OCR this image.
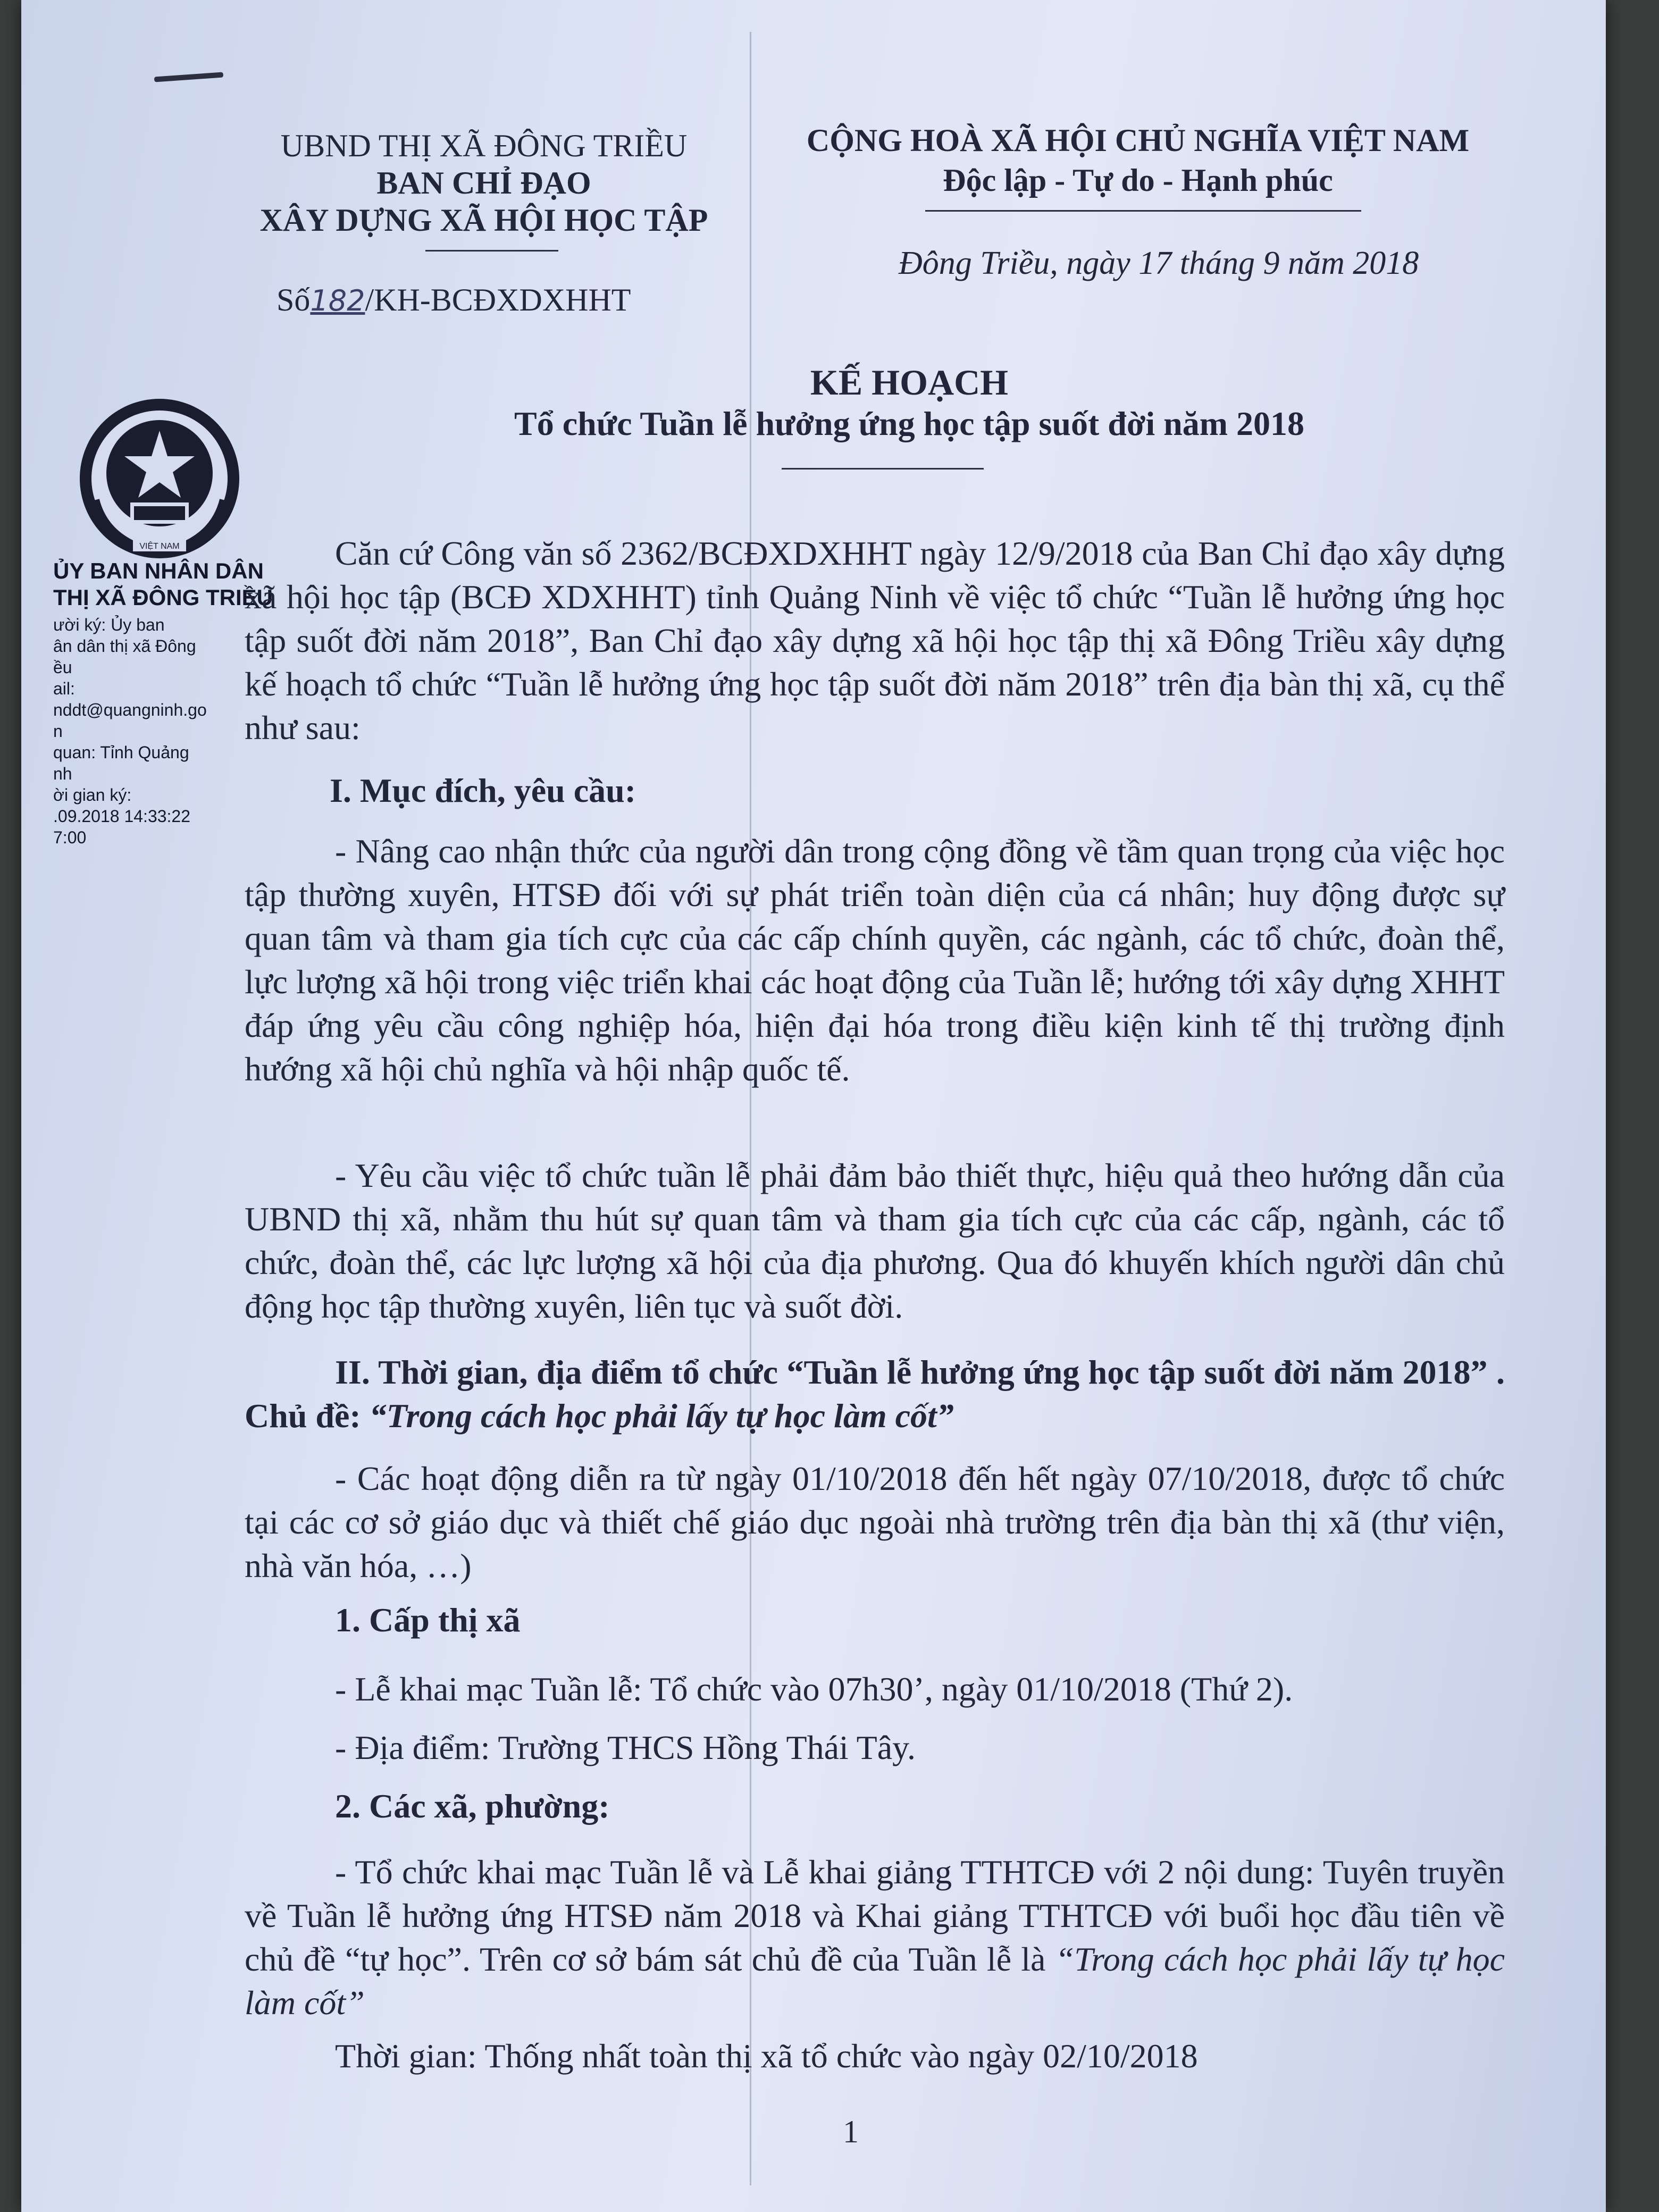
UBND THỊ XÃ ĐÔNG TRIỀU
BAN CHỈ ĐẠO
XÂY DỰNG XÃ HỘI HỌC TẬP
Số182/KH-BCĐXDXHHT
CỘNG HOÀ XÃ HỘI CHỦ NGHĨA VIỆT NAM
Độc lập - Tự do - Hạnh phúc
Đông Triều, ngày 17 tháng 9 năm 2018
VIỆT NAM
ỦY BAN NHÂN DÂN
THỊ XÃ ĐÔNG TRIỀU
ười ký: Ủy ban
ân dân thị xã Đông
ều
ail:
nddt@quangninh.go
n
quan: Tỉnh Quảng
nh
ời gian ký:
.09.2018 14:33:22
7:00
KẾ HOẠCH
Tổ chức Tuần lễ hưởng ứng học tập suốt đời năm 2018
Căn cứ Công văn số 2362/BCĐXDXHHT ngày 12/9/2018 của Ban Chỉ đạo xây dựng xã hội học tập (BCĐ XDXHHT) tỉnh Quảng Ninh về việc tổ chức “Tuần lễ hưởng ứng học tập suốt đời năm 2018”, Ban Chỉ đạo xây dựng xã hội học tập thị xã Đông Triều xây dựng kế hoạch tổ chức “Tuần lễ hưởng ứng học tập suốt đời năm 2018” trên địa bàn thị xã, cụ thể như sau:
I. Mục đích, yêu cầu:
- Nâng cao nhận thức của người dân trong cộng đồng về tầm quan trọng của việc học tập thường xuyên, HTSĐ đối với sự phát triển toàn diện của cá nhân; huy động được sự quan tâm và tham gia tích cực của các cấp chính quyền, các ngành, các tổ chức, đoàn thể, lực lượng xã hội trong việc triển khai các hoạt động của Tuần lễ; hướng tới xây dựng XHHT đáp ứng yêu cầu công nghiệp hóa, hiện đại hóa trong điều kiện kinh tế thị trường định hướng xã hội chủ nghĩa và hội nhập quốc tế.
- Yêu cầu việc tổ chức tuần lễ phải đảm bảo thiết thực, hiệu quả theo hướng dẫn của UBND thị xã, nhằm thu hút sự quan tâm và tham gia tích cực của các cấp, ngành, các tổ chức, đoàn thể, các lực lượng xã hội của địa phương. Qua đó khuyến khích người dân chủ động học tập thường xuyên, liên tục và suốt đời.
II. Thời gian, địa điểm tổ chức “Tuần lễ hưởng ứng học tập suốt đời năm 2018” . Chủ đề: “Trong cách học phải lấy tự học làm cốt”
- Các hoạt động diễn ra từ ngày 01/10/2018 đến hết ngày 07/10/2018, được tổ chức tại các cơ sở giáo dục và thiết chế giáo dục ngoài nhà trường trên địa bàn thị xã (thư viện, nhà văn hóa, …)
1. Cấp thị xã
- Lễ khai mạc Tuần lễ: Tổ chức vào 07h30’, ngày 01/10/2018 (Thứ 2).
- Địa điểm: Trường THCS Hồng Thái Tây.
2. Các xã, phường:
- Tổ chức khai mạc Tuần lễ và Lễ khai giảng TTHTCĐ với 2 nội dung: Tuyên truyền về Tuần lễ hưởng ứng HTSĐ năm 2018 và Khai giảng TTHTCĐ với buổi học đầu tiên về chủ đề “tự học”. Trên cơ sở bám sát chủ đề của Tuần lễ là “Trong cách học phải lấy tự học làm cốt”
Thời gian: Thống nhất toàn thị xã tổ chức vào ngày 02/10/2018
1
